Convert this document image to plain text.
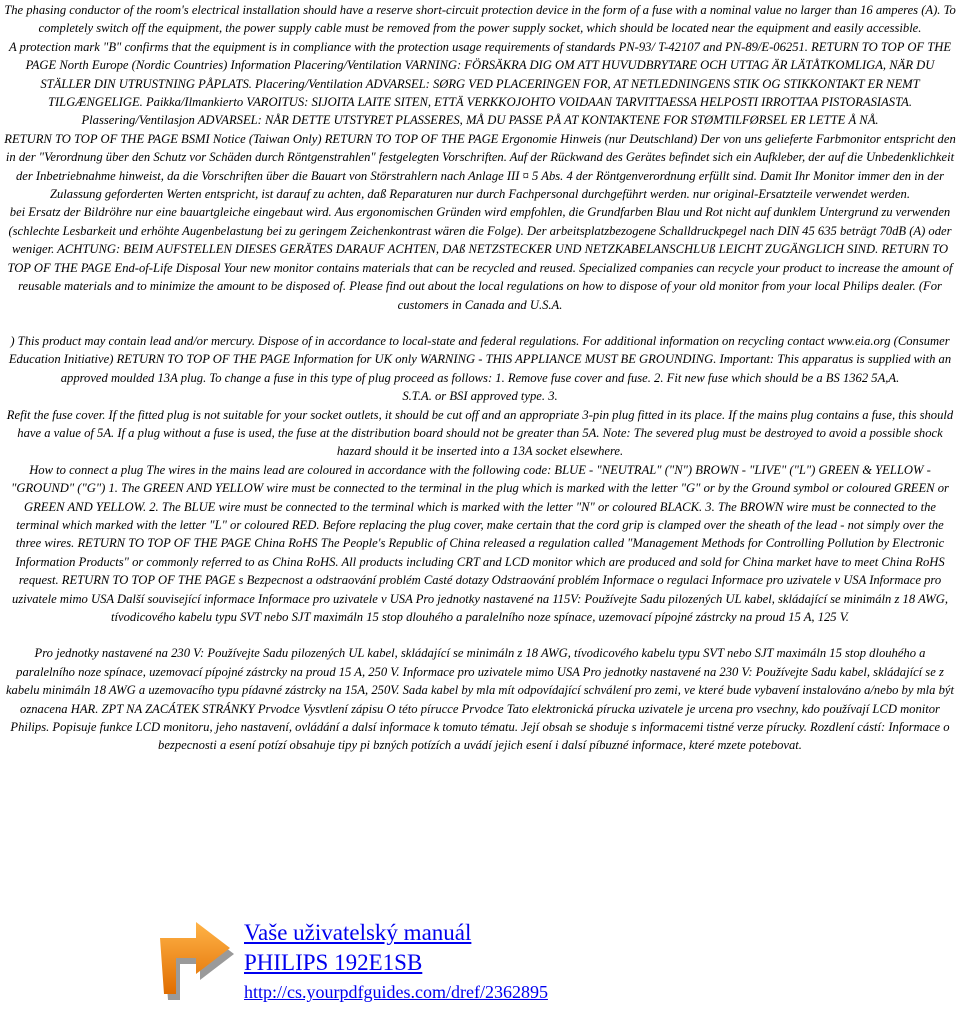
The phasing conductor of the room's electrical installation should have a reserve short-circuit protection device in the form of a fuse with a nominal value no larger than 16 amperes (A). To completely switch off the equipment, the power supply cable must be removed from the power supply socket, which should be located near the equipment and easily accessible.

A protection mark "B" confirms that the equipment is in compliance with the protection usage requirements of standards PN-93/ T-42107 and PN-89/E-06251. RETURN TO TOP OF THE PAGE North Europe (Nordic Countries) Information Placering/Ventilation VARNING: FÖRSÄKRA DIG OM ATT HUVUDBRYTARE OCH UTTAG ÄR LÄTÅTKOMLIGA, NÄR DU STÄLLER DIN UTRUSTNING PÅPLATS. Placering/Ventilation ADVARSEL: SØRG VED PLACERINGEN FOR, AT NETLEDNINGENS STIK OG STIKKONTAKT ER NEMT TILGÆNGELIGE. Paikka/Ilmankierto VAROITUS: SIJOITA LAITE SITEN, ETTÄ VERKKOJOHTO VOIDAAN TARVITTAESSA HELPOSTI IRROTTAA PISTORASIASTA. Plassering/Ventilasjon ADVARSEL: NÅR DETTE UTSTYRET PLASSERES, MÅ DU PASSE PÅ AT KONTAKTENE FOR STØMTILFØRSEL ER LETTE Å NÅ.

RETURN TO TOP OF THE PAGE BSMI Notice (Taiwan Only) RETURN TO TOP OF THE PAGE Ergonomie Hinweis (nur Deutschland) Der von uns gelieferte Farbmonitor entspricht den in der "Verordnung über den Schutz vor Schäden durch Röntgenstrahlen" festgelegten Vorschriften. Auf der Rückwand des Gerätes befindet sich ein Aufkleber, der auf die Unbedenklichkeit der Inbetriebnahme hinweist, da die Vorschriften über die Bauart von Störstrahlern nach Anlage III ¤ 5 Abs. 4 der Röntgenverordnung erfüllt sind. Damit Ihr Monitor immer den in der Zulassung geforderten Werten entspricht, ist darauf zu achten, daß Reparaturen nur durch Fachpersonal durchgeführt werden. nur original-Ersatzteile verwendet werden.

bei Ersatz der Bildröhre nur eine bauartgleiche eingebaut wird. Aus ergonomischen Gründen wird empfohlen, die Grundfarben Blau und Rot nicht auf dunklem Untergrund zu verwenden (schlechte Lesbarkeit und erhöhte Augenbelastung bei zu geringem Zeichenkontrast wären die Folge). Der arbeitsplatzbezogene Schalldruckpegel nach DIN 45 635 beträgt 70dB (A) oder weniger. ACHTUNG: BEIM AUFSTELLEN DIESES GERÄTES DARAUF ACHTEN, DAß NETZSTECKER UND NETZKABELANSCHLUß LEICHT ZUGÄNGLICH SIND. RETURN TO TOP OF THE PAGE End-of-Life Disposal Your new monitor contains materials that can be recycled and reused. Specialized companies can recycle your product to increase the amount of reusable materials and to minimize the amount to be disposed of. Please find out about the local regulations on how to dispose of your old monitor from your local Philips dealer. (For customers in Canada and U.S.A.

) This product may contain lead and/or mercury. Dispose of in accordance to local-state and federal regulations. For additional information on recycling contact www.eia.org (Consumer Education Initiative) RETURN TO TOP OF THE PAGE Information for UK only WARNING - THIS APPLIANCE MUST BE GROUNDING. Important: This apparatus is supplied with an approved moulded 13A plug. To change a fuse in this type of plug proceed as follows: 1. Remove fuse cover and fuse. 2. Fit new fuse which should be a BS 1362 5A,A.

S.T.A. or BSI approved type. 3.

Refit the fuse cover. If the fitted plug is not suitable for your socket outlets, it should be cut off and an appropriate 3-pin plug fitted in its place. If the mains plug contains a fuse, this should have a value of 5A. If a plug without a fuse is used, the fuse at the distribution board should not be greater than 5A. Note: The severed plug must be destroyed to avoid a possible shock hazard should it be inserted into a 13A socket elsewhere.

How to connect a plug The wires in the mains lead are coloured in accordance with the following code: BLUE - "NEUTRAL" ("N") BROWN - "LIVE" ("L") GREEN & YELLOW - "GROUND" ("G") 1. The GREEN AND YELLOW wire must be connected to the terminal in the plug which is marked with the letter "G" or by the Ground symbol or coloured GREEN or GREEN AND YELLOW. 2. The BLUE wire must be connected to the terminal which is marked with the letter "N" or coloured BLACK. 3. The BROWN wire must be connected to the terminal which marked with the letter "L" or coloured RED. Before replacing the plug cover, make certain that the cord grip is clamped over the sheath of the lead - not simply over the three wires. RETURN TO TOP OF THE PAGE China RoHS The People's Republic of China released a regulation called "Management Methods for Controlling Pollution by Electronic Information Products" or commonly referred to as China RoHS. All products including CRT and LCD monitor which are produced and sold for China market have to meet China RoHS request. RETURN TO TOP OF THE PAGE s Bezpecnost a odstraování problém Casté dotazy Odstraování problém Informace o regulaci Informace pro uzivatele v USA Informace pro uzivatele mimo USA Další související informace Informace pro uzivatele v USA Pro jednotky nastavené na 115V: Používejte Sadu pilozených UL kabel, skládající se minimáln z 18 AWG, tívodicového kabelu typu SVT nebo SJT maximáln 15 stop dlouhého a paralelního noze spínace, uzemovací pípojné zástrcky na proud 15 A, 125 V.

Pro jednotky nastavené na 230 V: Používejte Sadu pilozených UL kabel, skládající se minimáln z 18 AWG, tívodicového kabelu typu SVT nebo SJT maximáln 15 stop dlouhého a paralelního noze spínace, uzemovací pípojné zástrcky na proud 15 A, 250 V. Informace pro uzivatele mimo USA Pro jednotky nastavené na 230 V: Používejte Sadu kabel, skládající se z kabelu minimáln 18 AWG a uzemovacího typu pídavné zástrcky na 15A, 250V. Sada kabel by mla mít odpovídající schválení pro zemi, ve které bude vybavení instalováno a/nebo by mla být oznacena HAR. ZPT NA ZACÁTEK STRÁNKY Prvodce Vysvtlení zápisu O této pírucce Prvodce Tato elektronická pírucka uzivatele je urcena pro vsechny, kdo používají LCD monitor Philips. Popisuje funkce LCD monitoru, jeho nastavení, ovládání a dalsí informace k tomuto tématu. Její obsah se shoduje s informacemi tistné verze pírucky. Rozdlení cástí: Informace o bezpecnosti a esení potízí obsahuje tipy pi bzných potízích a uvádí jejich esení i dalsí píbuzné informace, které mzete potebovat.

Vaše uživatelský manuál
PHILIPS 192E1SB
http://cs.yourpdfguides.com/dref/2362895
